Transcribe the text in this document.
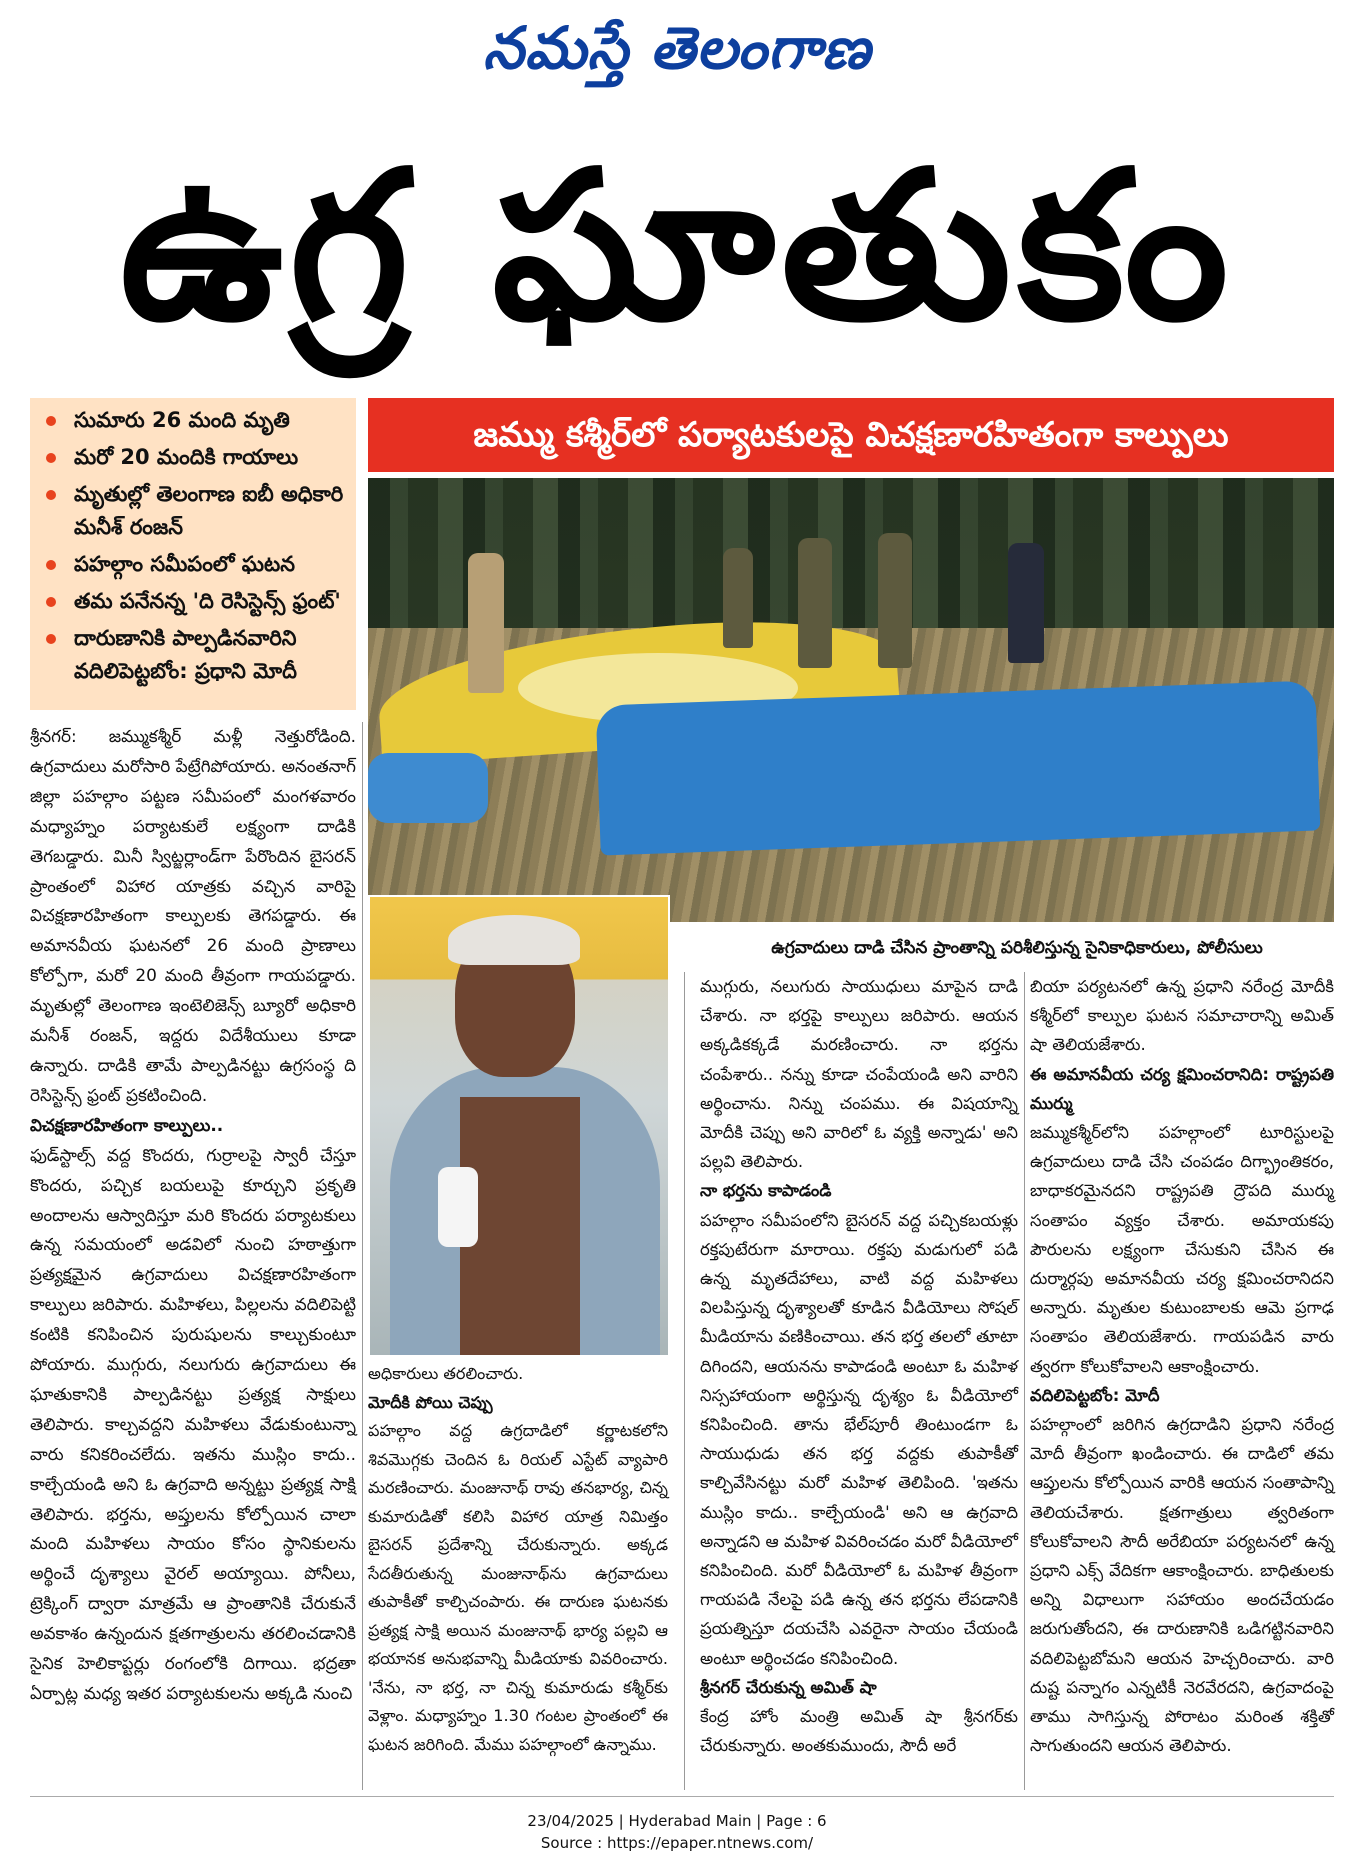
నమస్తే తెలంగాణ
ఉగ్ర ఘాతుకం
సుమారు 26 మంది మృతి
మరో 20 మందికి గాయాలు
మృతుల్లో తెలంగాణ ఐబీ అధికారి మనీశ్ రంజన్
పహల్గాం సమీపంలో ఘటన
తమ పనేనన్న 'ది రెసిస్టెన్స్ ఫ్రంట్'
దారుణానికి పాల్పడినవారిని వదిలిపెట్టబోం: ప్రధాని మోదీ
జమ్ము కశ్మీర్‌లో పర్యాటకులపై విచక్షణారహితంగా కాల్పులు
ఉగ్రవాదులు దాడి చేసిన ప్రాంతాన్ని పరిశీలిస్తున్న సైనికాధికారులు, పోలీసులు

శ్రీనగర్: జమ్ముకశ్మీర్ మళ్లీ నెత్తురోడింది. ఉగ్రవాదులు మరోసారి పేట్రేగిపోయారు. అనంతనాగ్ జిల్లా పహల్గాం పట్టణ సమీపంలో మంగళవారం మధ్యాహ్నం పర్యాటకులే లక్ష్యంగా దాడికి తెగబడ్డారు. మినీ స్విట్జర్లాండ్‌గా పేరొందిన బైసరన్ ప్రాంతంలో విహార యాత్రకు వచ్చిన వారిపై విచక్షణారహితంగా కాల్పులకు తెగపడ్డారు. ఈ అమానవీయ ఘటనలో 26 మంది ప్రాణాలు కోల్పోగా, మరో 20 మంది తీవ్రంగా గాయపడ్డారు. మృతుల్లో తెలంగాణ ఇంటెలిజెన్స్ బ్యూరో అధికారి మనీశ్ రంజన్, ఇద్దరు విదేశీయులు కూడా ఉన్నారు. దాడికి తామే పాల్పడినట్టు ఉగ్రసంస్థ ది రెసిస్టెన్స్ ఫ్రంట్ ప్రకటించింది.

విచక్షణారహితంగా కాల్పులు..

ఫుడ్‌స్టాల్స్ వద్ద కొందరు, గుర్రాలపై స్వారీ చేస్తూ కొందరు, పచ్చిక బయలుపై కూర్చుని ప్రకృతి అందాలను ఆస్వాదిస్తూ మరి కొందరు పర్యాటకులు ఉన్న సమయంలో అడవిలో నుంచి హఠాత్తుగా ప్రత్యక్షమైన ఉగ్రవాదులు విచక్షణారహితంగా కాల్పులు జరిపారు. మహిళలు, పిల్లలను వదిలిపెట్టి కంటికి కనిపించిన పురుషులను కాల్చుకుంటూ పోయారు. ముగ్గురు, నలుగురు ఉగ్రవాదులు ఈ ఘాతుకానికి పాల్పడినట్టు ప్రత్యక్ష సాక్షులు తెలిపారు. కాల్చవద్దని మహిళలు వేడుకుంటున్నా వారు కనికరించలేదు. ఇతను ముస్లిం కాదు.. కాల్చేయండి అని ఓ ఉగ్రవాది అన్నట్టు ప్రత్యక్ష సాక్షి తెలిపారు. భర్తను, అప్తులను కోల్పోయిన చాలా మంది మహిళలు సాయం కోసం స్థానికులను అర్థించే దృశ్యాలు వైరల్ అయ్యాయి. పోనీలు, ట్రెక్కింగ్ ద్వారా మాత్రమే ఆ ప్రాంతానికి చేరుకునే అవకాశం ఉన్నందున క్షతగాత్రులను తరలించడానికి సైనిక హెలికాప్టర్లు రంగంలోకి దిగాయి. భద్రతా ఏర్పాట్ల మధ్య ఇతర పర్యాటకులను అక్కడి నుంచి

అధికారులు తరలించారు.

మోదీకి పోయి చెప్పు

పహల్గాం వద్ద ఉగ్రదాడిలో కర్ణాటకలోని శివమొగ్గకు చెందిన ఓ రియల్ ఎస్టేట్ వ్యాపారి మరణించారు. మంజునాథ్ రావు తనభార్య, చిన్న కుమారుడితో కలిసి విహార యాత్ర నిమిత్తం బైసరన్ ప్రదేశాన్ని చేరుకున్నారు. అక్కడ సేదతీరుతున్న మంజునాథ్‌ను ఉగ్రవాదులు తుపాకీతో కాల్చిచంపారు. ఈ దారుణ ఘటనకు ప్రత్యక్ష సాక్షి అయిన మంజునాథ్ భార్య పల్లవి ఆ భయానక అనుభవాన్ని మీడియాకు వివరించారు. 'నేను, నా భర్త, నా చిన్న కుమారుడు కశ్మీర్‌కు వెళ్లాం. మధ్యాహ్నం 1.30 గంటల ప్రాంతంలో ఈ ఘటన జరిగింది. మేము పహల్గాంలో ఉన్నాము.

ముగ్గురు, నలుగురు సాయుధులు మాపైన దాడి చేశారు. నా భర్తపై కాల్పులు జరిపారు. ఆయన అక్కడికక్కడే మరణించారు. నా భర్తను చంపేశారు.. నన్ను కూడా చంపేయండి అని వారిని అర్థించాను. నిన్ను చంపము. ఈ విషయాన్ని మోదీకి చెప్పు అని వారిలో ఓ వ్యక్తి అన్నాడు' అని పల్లవి తెలిపారు.

నా భర్తను కాపాడండి

పహల్గాం సమీపంలోని బైసరన్ వద్ద పచ్చికబయళ్లు రక్తపుటేరుగా మారాయి. రక్తపు మడుగులో పడి ఉన్న మృతదేహాలు, వాటి వద్ద మహిళలు విలపిస్తున్న దృశ్యాలతో కూడిన వీడియోలు సోషల్ మీడియాను వణికించాయి. తన భర్త తలలో తూటా దిగిందని, ఆయనను కాపాడండి అంటూ ఓ మహిళ నిస్సహాయంగా అర్థిస్తున్న దృశ్యం ఓ వీడియోలో కనిపించింది. తాను భేల్‌పూరీ తింటుండగా ఓ సాయుధుడు తన భర్త వద్దకు తుపాకీతో కాల్చివేసినట్టు మరో మహిళ తెలిపింది. 'ఇతను ముస్లిం కాదు.. కాల్చేయండి' అని ఆ ఉగ్రవాది అన్నాడని ఆ మహిళ వివరించడం మరో వీడియోలో కనిపించింది. మరో వీడియోలో ఓ మహిళ తీవ్రంగా గాయపడి నేలపై పడి ఉన్న తన భర్తను లేపడానికి ప్రయత్నిస్తూ దయచేసి ఎవరైనా సాయం చేయండి అంటూ అర్థించడం కనిపించింది.

శ్రీనగర్ చేరుకున్న అమిత్ షా

కేంద్ర హోం మంత్రి అమిత్ షా శ్రీనగర్‌కు చేరుకున్నారు. అంతకుముందు, సౌదీ అరే

బియా పర్యటనలో ఉన్న ప్రధాని నరేంద్ర మోదీకి కశ్మీర్‌లో కాల్పుల ఘటన సమాచారాన్ని అమిత్ షా తెలియజేశారు.

ఈ అమానవీయ చర్య క్షమించరానిది: రాష్ట్రపతి ముర్ము

జమ్ముకశ్మీర్‌లోని పహల్గాంలో టూరిస్టులపై ఉగ్రవాదులు దాడి చేసి చంపడం దిగ్భ్రాంతికరం, బాధాకరమైనదని రాష్ట్రపతి ద్రౌపది ముర్ము సంతాపం వ్యక్తం చేశారు. అమాయకపు పౌరులను లక్ష్యంగా చేసుకుని చేసిన ఈ దుర్మార్గపు అమానవీయ చర్య క్షమించరానిదని అన్నారు. మృతుల కుటుంబాలకు ఆమె ప్రగాఢ సంతాపం తెలియజేశారు. గాయపడిన వారు త్వరగా కోలుకోవాలని ఆకాంక్షించారు.

వదిలిపెట్టబోం: మోదీ

పహల్గాంలో జరిగిన ఉగ్రదాడిని ప్రధాని నరేంద్ర మోదీ తీవ్రంగా ఖండించారు. ఈ దాడిలో తమ ఆప్తులను కోల్పోయిన వారికి ఆయన సంతాపాన్ని తెలియచేశారు. క్షతగాత్రులు త్వరితంగా కోలుకోవాలని సౌదీ అరేబియా పర్యటనలో ఉన్న ప్రధాని ఎక్స్ వేదికగా ఆకాంక్షించారు. బాధితులకు అన్ని విధాలుగా సహాయం అందచేయడం జరుగుతోందని, ఈ దారుణానికి ఒడిగట్టినవారిని వదిలిపెట్టబోమని ఆయన హెచ్చరించారు. వారి దుష్ట పన్నాగం ఎన్నటికీ నెరవేరదని, ఉగ్రవాదంపై తాము సాగిస్తున్న పోరాటం మరింత శక్తితో సాగుతుందని ఆయన తెలిపారు.

23/04/2025 | Hyderabad Main | Page : 6
Source : https://epaper.ntnews.com/
